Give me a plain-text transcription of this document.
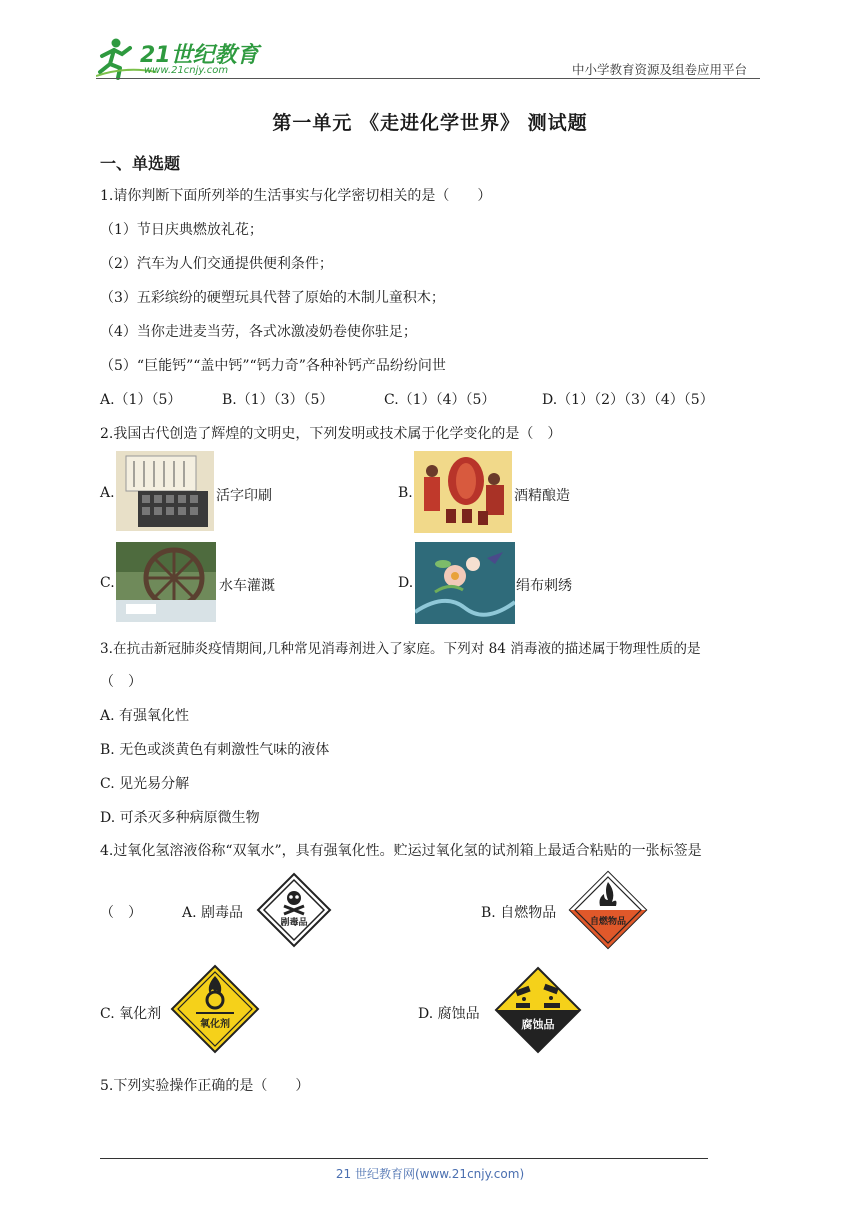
21世纪教育
www.21cnjy.com	中小学教育资源及组卷应用平台
第一单元 《走进化学世界》 测试题
一、单选题
1.请你判断下面所列举的生活事实与化学密切相关的是（　　）
（1）节日庆典燃放礼花；
（2）汽车为人们交通提供便利条件；
（3）五彩缤纷的硬塑玩具代替了原始的木制儿童积木；
（4）当你走进麦当劳，各式冰激凌奶卷使你驻足；
（5）“巨能钙”“盖中钙”“钙力奇”各种补钙产品纷纷问世
A.（1）（5）	B.（1）（3）（5）	C.（1）（4）（5）	D.（1）（2）（3）（4）（5）
2.我国古代创造了辉煌的文明史，下列发明或技术属于化学变化的是（　）
A.	活字印刷	B.	酒精酿造
C.	水车灌溉	D.	绢布刺绣
3.在抗击新冠肺炎疫情期间,几种常见消毒剂进入了家庭。下列对 84 消毒液的描述属于物理性质的是
（　）
A. 有强氧化性
B. 无色或淡黄色有刺激性气味的液体
C. 见光易分解
D. 可杀灭多种病原微生物
4.过氧化氢溶液俗称“双氧水”，具有强氧化性。贮运过氧化氢的试剂箱上最适合粘贴的一张标签是
（　）	A. 剧毒品
剧毒品
B. 自燃物品
自燃物品
C. 氧化剂
氧化剂
D. 腐蚀品
腐蚀品
5.下列实验操作正确的是（　　）
21 世纪教育网(www.21cnjy.com)
